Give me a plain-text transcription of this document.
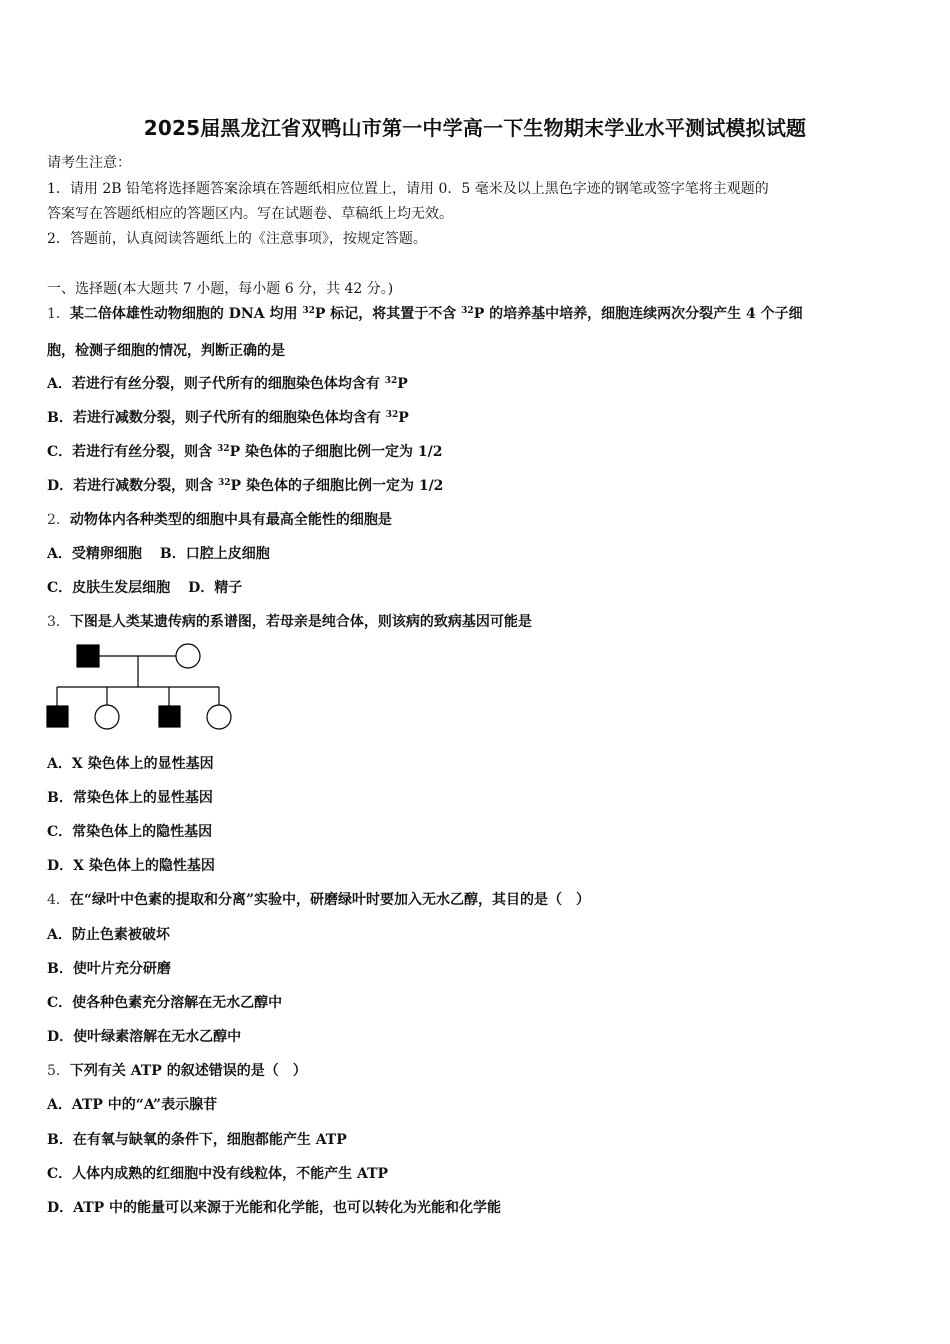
2025届黑龙江省双鸭山市第一中学高一下生物期末学业水平测试模拟试题
请考生注意：
1．请用 2B 铅笔将选择题答案涂填在答题纸相应位置上，请用 0．5 毫米及以上黑色字迹的钢笔或签字笔将主观题的
答案写在答题纸相应的答题区内。写在试题卷、草稿纸上均无效。
2．答题前，认真阅读答题纸上的《注意事项》，按规定答题。
一、选择题(本大题共 7 小题，每小题 6 分，共 42 分。)
1．某二倍体雄性动物细胞的 DNA 均用 $^{32}$P 标记，将其置于不含 $^{32}$P 的培养基中培养，细胞连续两次分裂产生 4 个子细
胞，检测子细胞的情况，判断正确的是
A．若进行有丝分裂，则子代所有的细胞染色体均含有 $^{32}$P
B．若进行减数分裂，则子代所有的细胞染色体均含有 $^{32}$P
C．若进行有丝分裂，则含 $^{32}$P 染色体的子细胞比例一定为 1/2
D．若进行减数分裂，则含 $^{32}$P 染色体的子细胞比例一定为 1/2
2．动物体内各种类型的细胞中具有最高全能性的细胞是
A．受精卵细胞 B．口腔上皮细胞
C．皮肤生发层细胞 D．精子
3．下图是人类某遗传病的系谱图，若母亲是纯合体，则该病的致病基因可能是
A．X 染色体上的显性基因
B．常染色体上的显性基因
C．常染色体上的隐性基因
D．X 染色体上的隐性基因
4．在“绿叶中色素的提取和分离”实验中，研磨绿叶时要加入无水乙醇，其目的是（　）
A．防止色素被破坏
B．使叶片充分研磨
C．使各种色素充分溶解在无水乙醇中
D．使叶绿素溶解在无水乙醇中
5．下列有关 ATP 的叙述错误的是（　）
A．ATP 中的“A”表示腺苷
B．在有氧与缺氧的条件下，细胞都能产生 ATP
C．人体内成熟的红细胞中没有线粒体，不能产生 ATP
D．ATP 中的能量可以来源于光能和化学能，也可以转化为光能和化学能
